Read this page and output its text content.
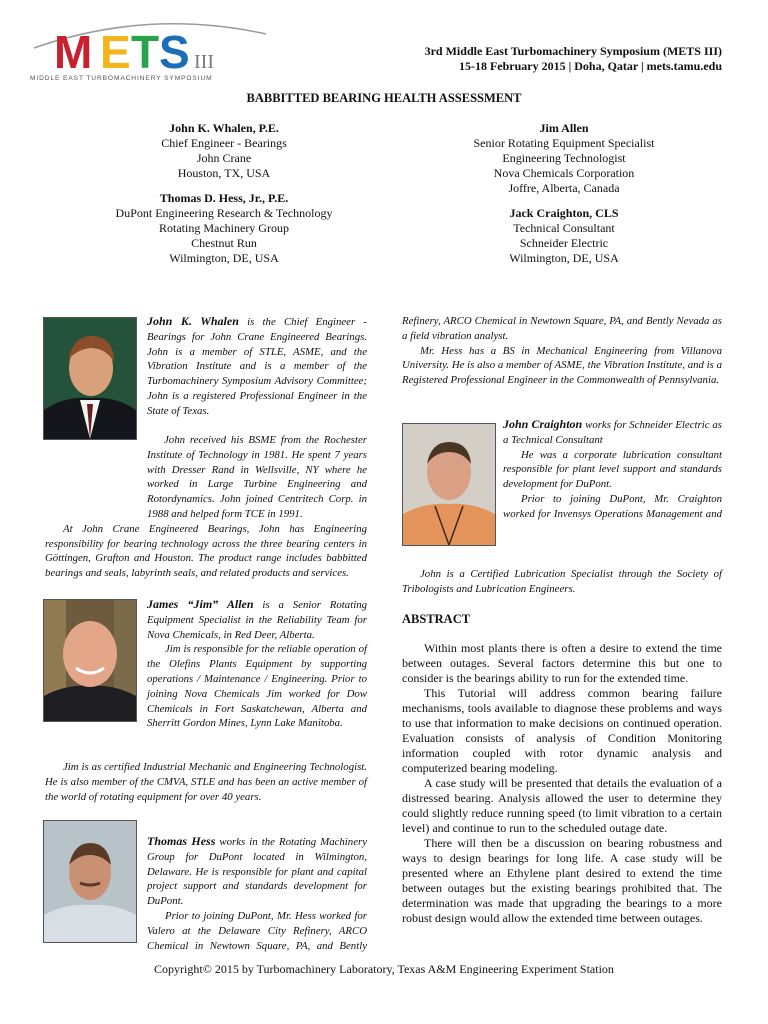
M E T S III
MIDDLE EAST TURBOMACHINERY SYMPOSIUM
3rd Middle East Turbomachinery Symposium (METS III)
15-18 February 2015 | Doha, Qatar | mets.tamu.edu
BABBITTED BEARING HEALTH ASSESSMENT
John K. Whalen, P.E.
Chief Engineer - Bearings
John Crane
Houston, TX, USA
Thomas D. Hess, Jr., P.E.
DuPont Engineering Research & Technology
Rotating Machinery Group
Chestnut Run
Wilmington, DE, USA
Jim Allen
Senior Rotating Equipment Specialist
Engineering Technologist
Nova Chemicals Corporation
Joffre, Alberta, Canada
Jack Craighton, CLS
Technical Consultant
Schneider Electric
Wilmington, DE, USA

John K. Whalen is the Chief Engineer - Bearings for John Crane Engineered Bearings. John is a member of STLE, ASME, and the Vibration Institute and is a member of the Turbomachinery Symposium Advisory Committee; John is a registered Professional Engineer in the State of Texas.

John received his BSME from the Rochester Institute of Technology in 1981. He spent 7 years with Dresser Rand in Wellsville, NY where he worked in Large Turbine Engineering and Rotordynamics. John joined Centritech Corp. in 1988 and helped form TCE in 1991.

At John Crane Engineered Bearings, John has Engineering responsibility for bearing technology across the three bearing centers in Göttingen, Grafton and Houston. The product range includes babbitted bearings and seals, labyrinth seals, and related products and services.

James “Jim” Allen is a Senior Rotating Equipment Specialist in the Reliability Team for Nova Chemicals, in Red Deer, Alberta.

Jim is responsible for the reliable operation of the Olefins Plants Equipment by supporting operations / Maintenance / Engineering. Prior to joining Nova Chemicals Jim worked for Dow Chemicals in Fort Saskatchewan, Alberta and Sherritt Gordon Mines, Lynn Lake Manitoba.

Jim is as certified Industrial Mechanic and Engineering Technologist. He is also member of the CMVA, STLE and has been an active member of the world of rotating equipment for over 40 years.

Thomas Hess works in the Rotating Machinery Group for DuPont located in Wilmington, Delaware. He is responsible for plant and capital project support and standards development for DuPont.

Prior to joining DuPont, Mr. Hess worked for Valero at the Delaware City Refinery, ARCO Chemical in Newtown Square, PA, and Bently

Refinery, ARCO Chemical in Newtown Square, PA, and Bently Nevada as a field vibration analyst.

Mr. Hess has a BS in Mechanical Engineering from Villanova University. He is also a member of ASME, the Vibration Institute, and is a Registered Professional Engineer in the Commonwealth of Pennsylvania.

John Craighton works for Schneider Electric as a Technical Consultant

He was a corporate lubrication consultant responsible for plant level support and standards development for DuPont.

Prior to joining DuPont, Mr. Craighton worked for Invensys Operations Management and

John is a Certified Lubrication Specialist through the Society of Tribologists and Lubrication Engineers.

ABSTRACT

Within most plants there is often a desire to extend the time between outages. Several factors determine this but one to consider is the bearings ability to run for the extended time.

This Tutorial will address common bearing failure mechanisms, tools available to diagnose these problems and ways to use that information to make decisions on continued operation. Evaluation consists of analysis of Condition Monitoring information coupled with rotor dynamic analysis and computerized bearing modeling.

A case study will be presented that details the evaluation of a distressed bearing. Analysis allowed the user to determine they could slightly reduce running speed (to limit vibration to a certain level) and continue to run to the scheduled outage date.

There will then be a discussion on bearing robustness and ways to design bearings for long life. A case study will be presented where an Ethylene plant desired to extend the time between outages but the existing bearings prohibited that. The determination was made that upgrading the bearings to a more robust design would allow the extended time between outages.

Copyright© 2015 by Turbomachinery Laboratory, Texas A&M Engineering Experiment Station
